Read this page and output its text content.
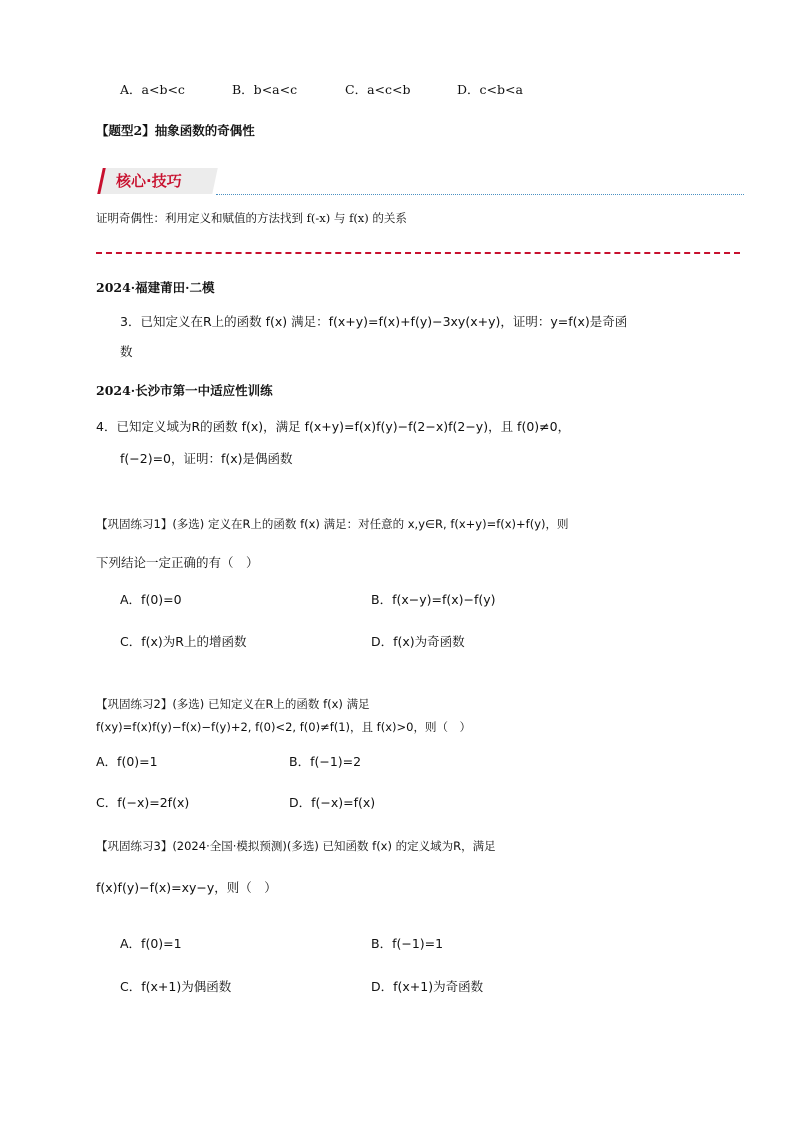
A．a<b<c	B．b<a<c	C．a<c<b	D．c<b<a
【题型2】抽象函数的奇偶性
核心·技巧
证明奇偶性：利用定义和赋值的方法找到 f(-x) 与 f(x) 的关系
2024·福建莆田·二模
3．已知定义在R上的函数 f(x) 满足：f(x+y)=f(x)+f(y)−3xy(x+y)，证明：y=f(x)是奇函
数
2024·长沙市第一中适应性训练
4．已知定义域为R的函数 f(x)，满足 f(x+y)=f(x)f(y)−f(2−x)f(2−y)，且 f(0)≠0，
f(−2)=0，证明：f(x)是偶函数
【巩固练习1】(多选) 定义在R上的函数 f(x) 满足：对任意的 x,y∈R, f(x+y)=f(x)+f(y)，则
下列结论一定正确的有（　）
A．f(0)=0	B．f(x−y)=f(x)−f(y)
C．f(x)为R上的增函数	D．f(x)为奇函数
【巩固练习2】(多选) 已知定义在R上的函数 f(x) 满足
f(xy)=f(x)f(y)−f(x)−f(y)+2, f(0)<2, f(0)≠f(1)，且 f(x)>0，则（　）
A．f(0)=1	B．f(−1)=2
C．f(−x)=2f(x)	D．f(−x)=f(x)
【巩固练习3】(2024·全国·模拟预测)(多选) 已知函数 f(x) 的定义域为R，满足
f(x)f(y)−f(x)=xy−y，则（　）
A．f(0)=1	B．f(−1)=1
C．f(x+1)为偶函数	D．f(x+1)为奇函数
